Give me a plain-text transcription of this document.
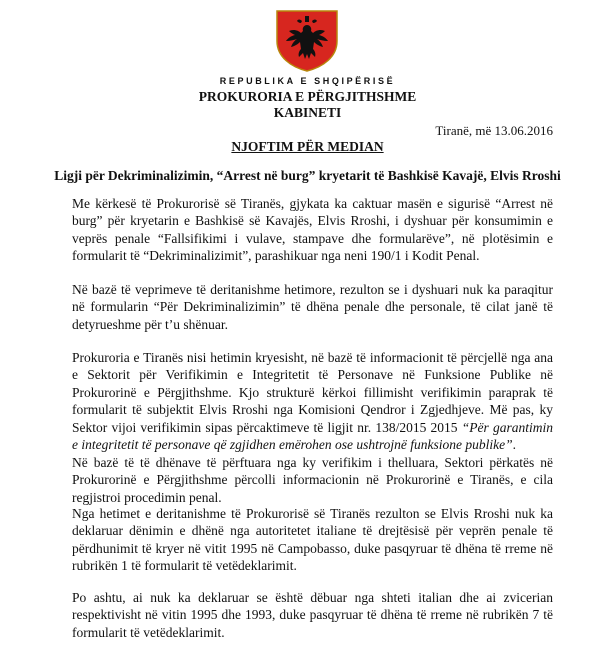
REPUBLIKA E SHQIPËRISË
PROKURORIA E PËRGJITHSHME
KABINETI
Tiranë, më 13.06.2016
NJOFTIM PËR MEDIAN
Ligji për Dekriminalizimin, “Arrest në burg” kryetarit të Bashkisë Kavajë, Elvis Rroshi

Me kërkesë të Prokurorisë së Tiranës, gjykata ka caktuar masën e sigurisë “Arrest në burg” për kryetarin e Bashkisë së Kavajës, Elvis Rroshi, i dyshuar për konsumimin e veprës penale “Fallsifikimi i vulave, stampave dhe formularëve”, në plotësimin e formularit të “Dekriminalizimit”, parashikuar nga neni 190/1 i Kodit Penal.

Në bazë të veprimeve të deritanishme hetimore, rezulton se i dyshuari nuk ka paraqitur në formularin “Për Dekriminalizimin” të dhëna penale dhe personale, të cilat janë të detyrueshme për t’u shënuar.

Prokuroria e Tiranës nisi hetimin kryesisht, në bazë të informacionit të përcjellë nga ana e Sektorit për Verifikimin e Integritetit të Personave në Funksione Publike në Prokurorinë e Përgjithshme. Kjo strukturë kërkoi fillimisht verifikimin paraprak të formularit të subjektit Elvis Rroshi nga Komisioni Qendror i Zgjedhjeve. Më pas, ky Sektor vijoi verifikimin sipas përcaktimeve të ligjit nr. 138/2015 2015 “Për garantimin e integritetit të personave që zgjidhen emërohen ose ushtrojnë funksione publike”.

Në bazë të të dhënave të përftuara nga ky verifikim i thelluara, Sektori përkatës në Prokurorinë e Përgjithshme përcolli informacionin në Prokurorinë e Tiranës, e cila regjistroi procedimin penal.

Nga hetimet e deritanishme të Prokurorisë së Tiranës rezulton se Elvis Rroshi nuk ka deklaruar dënimin e dhënë nga autoritetet italiane të drejtësisë për veprën penale të përdhunimit të kryer në vitit 1995 në Campobasso, duke pasqyruar të dhëna të rreme në rubrikën 1 të formularit të vetëdeklarimit.

Po ashtu, ai nuk ka deklaruar se është dëbuar nga shteti italian dhe ai zvicerian respektivisht në vitin 1995 dhe 1993, duke pasqyruar të dhëna të rreme në rubrikën 7 të formularit të vetëdeklarimit.
